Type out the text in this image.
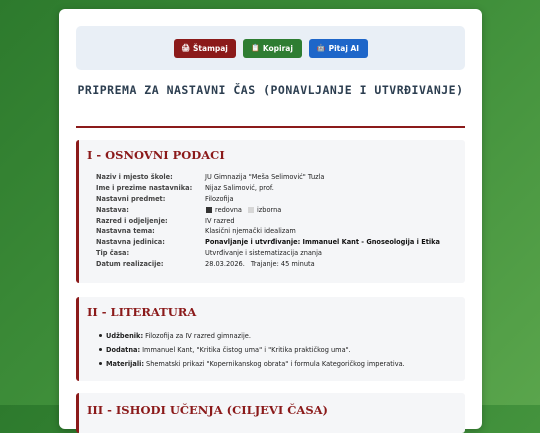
🖨 Štampaj	📋 Kopiraj	🤖 Pitaj AI
PRIPREMA ZA NASTAVNI ČAS (PONAVLJANJE I UTVRĐIVANJE)
I - OSNOVNI PODACI
Naziv i mjesto škole:	JU Gimnazija "Meša Selimović" Tuzla
Ime i prezime nastavnika:	Nijaz Salimović, prof.
Nastavni predmet:	Filozofija
Nastava:	redovna izborna
Razred i odjeljenje:	IV razred
Nastavna tema:	Klasični njemački idealizam
Nastavna jedinica:	Ponavljanje i utvrđivanje: Immanuel Kant - Gnoseologija i Etika
Tip časa:	Utvrđivanje i sistematizacija znanja
Datum realizacije:	28.03.2026. Trajanje: 45 minuta
II - LITERATURA
Udžbenik: Filozofija za IV razred gimnazije.
Dodatna: Immanuel Kant, "Kritika čistog uma" i "Kritika praktičkog uma".
Materijali: Shematski prikazi "Kopernikanskog obrata" i formula Kategoričkog imperativa.
III - ISHODI UČENJA (CILJEVI ČASA)
